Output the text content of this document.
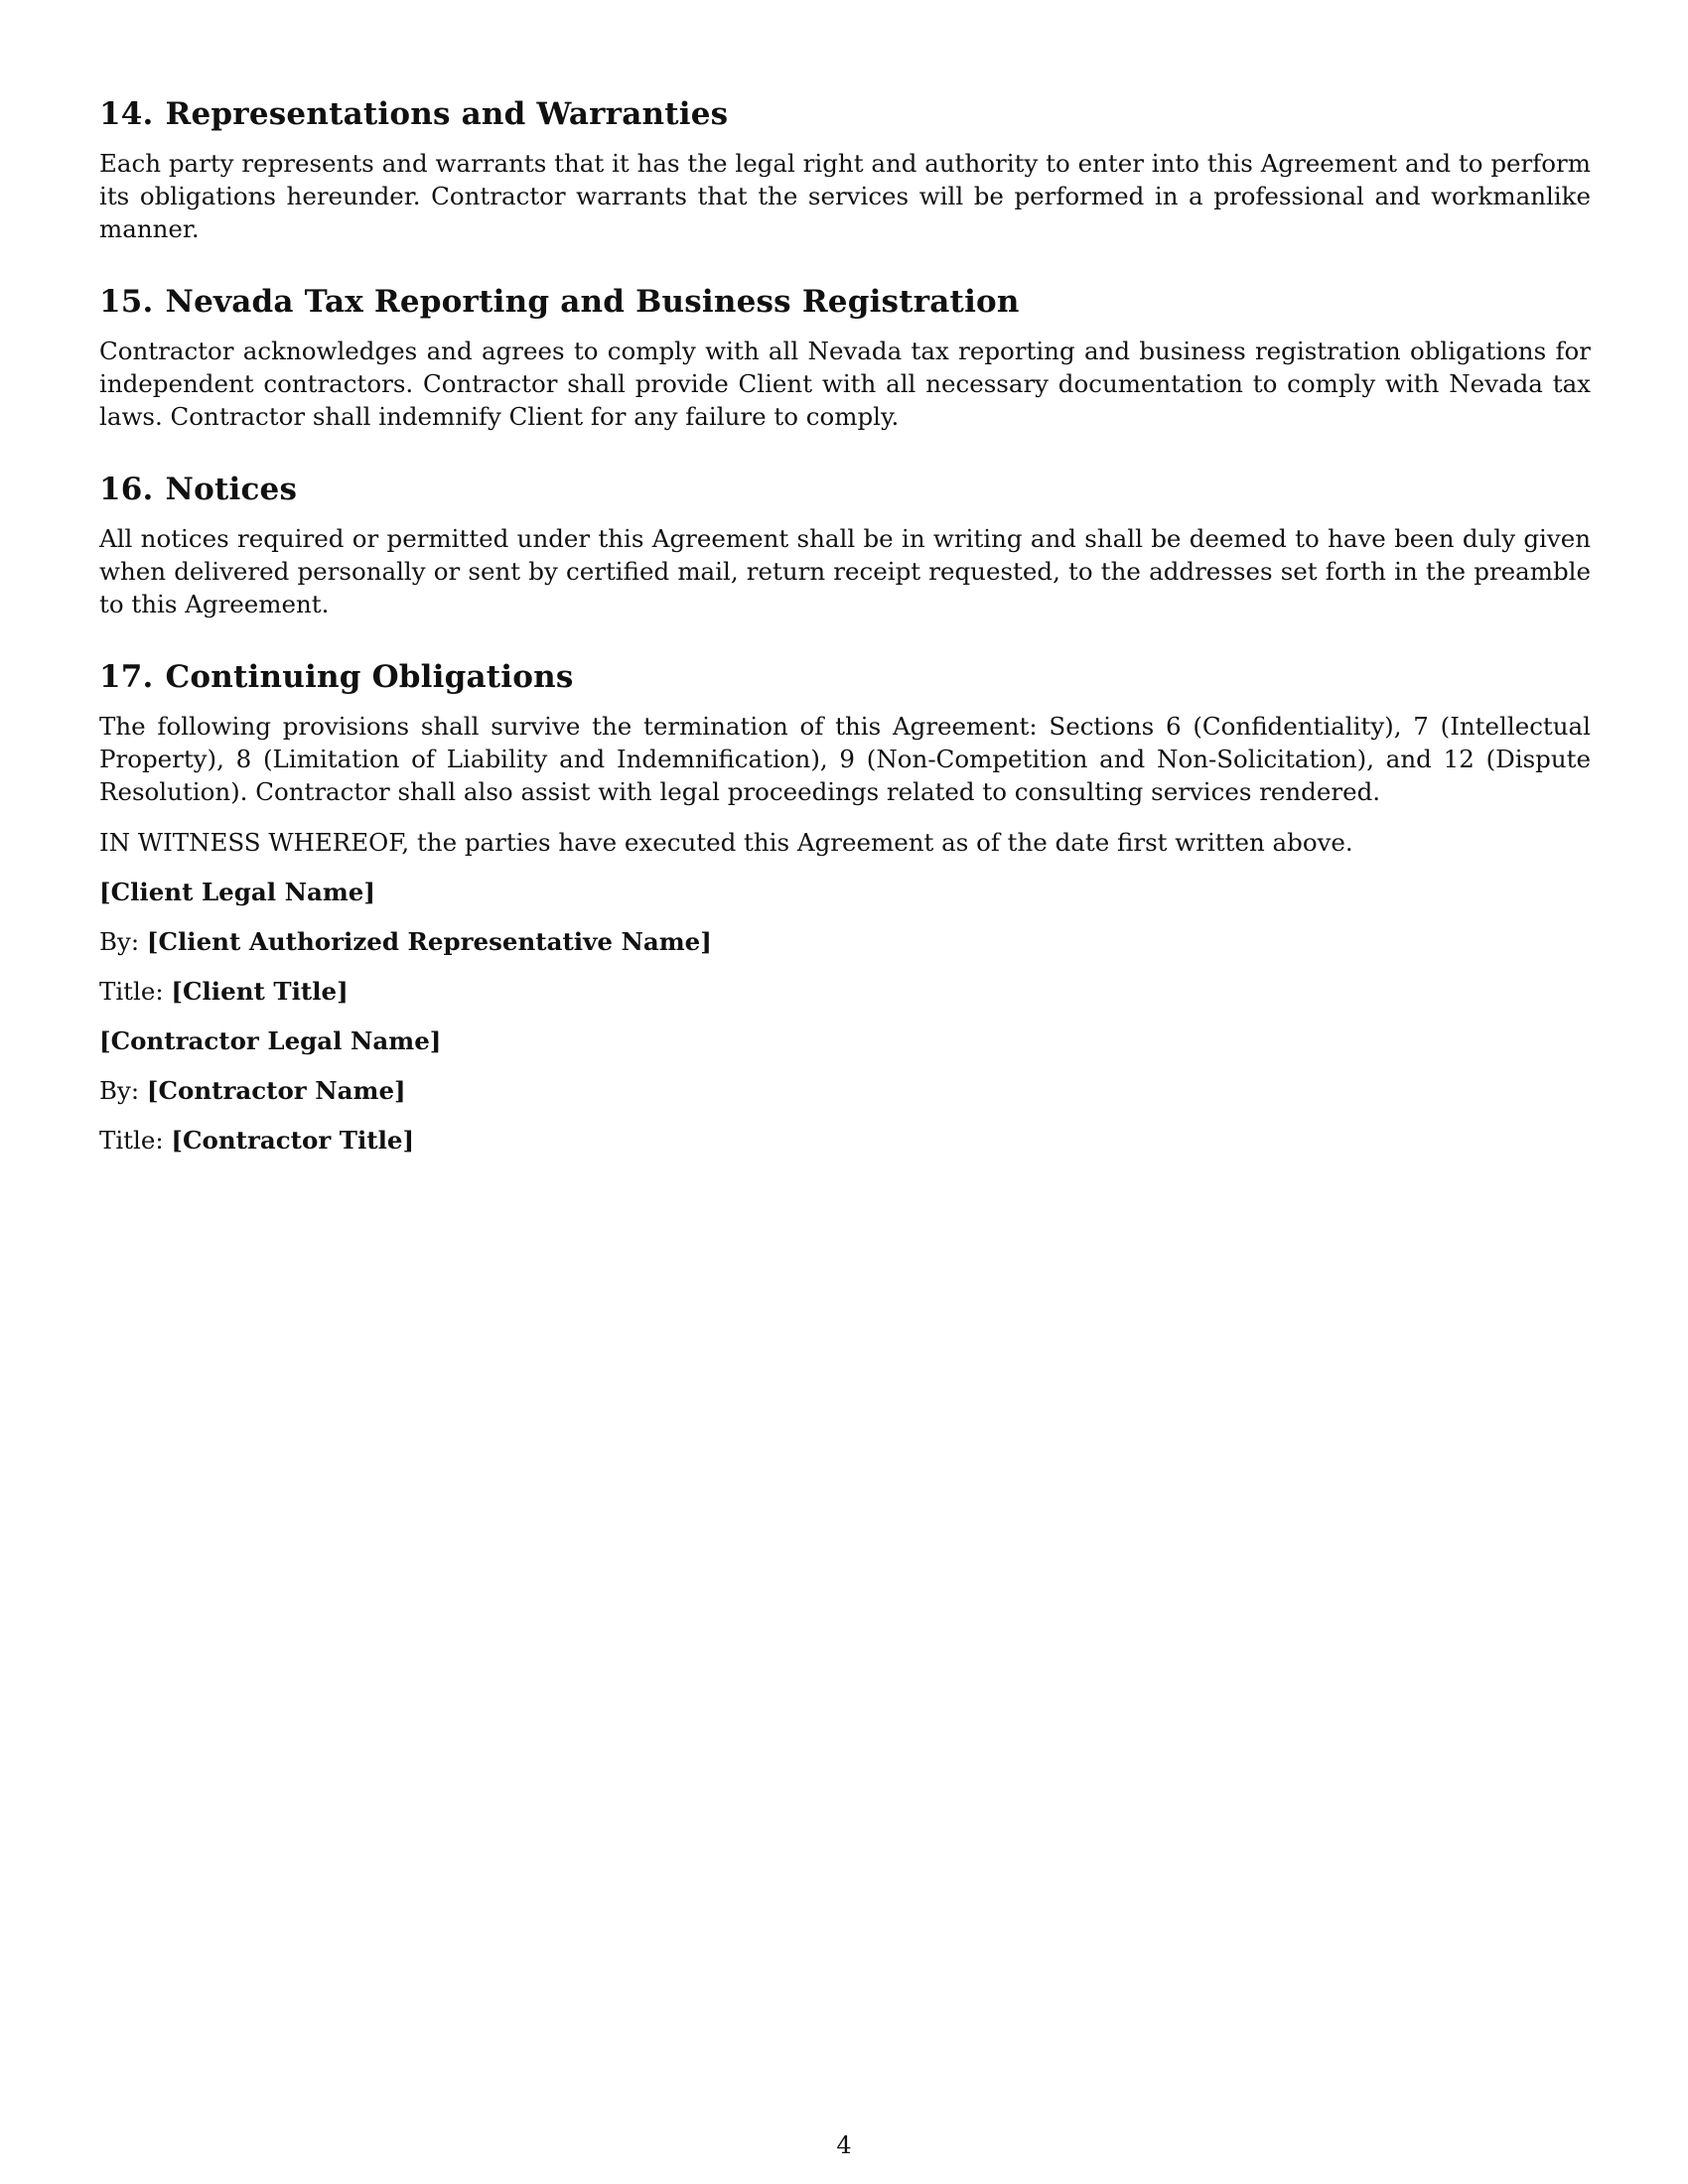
14. Representations and Warranties

Each party represents and warrants that it has the legal right and authority to enter into this Agreement and to perform its obligations hereunder. Contractor warrants that the services will be performed in a professional and workmanlike manner.

15. Nevada Tax Reporting and Business Registration

Contractor acknowledges and agrees to comply with all Nevada tax reporting and business registration obligations for independent contractors. Contractor shall provide Client with all necessary documentation to comply with Nevada tax laws. Contractor shall indemnify Client for any failure to comply.

16. Notices

All notices required or permitted under this Agreement shall be in writing and shall be deemed to have been duly given when delivered personally or sent by certified mail, return receipt requested, to the addresses set forth in the preamble to this Agreement.

17. Continuing Obligations

The following provisions shall survive the termination of this Agreement: Sections 6 (Confidentiality), 7 (Intellectual Property), 8 (Limitation of Liability and Indemnification), 9 (Non-Competition and Non-Solicitation), and 12 (Dispute Resolution). Contractor shall also assist with legal proceedings related to consulting services rendered.

IN WITNESS WHEREOF, the parties have executed this Agreement as of the date first written above.
[Client Legal Name]
By: [Client Authorized Representative Name]
Title: [Client Title]
[Contractor Legal Name]
By: [Contractor Name]
Title: [Contractor Title]
4
